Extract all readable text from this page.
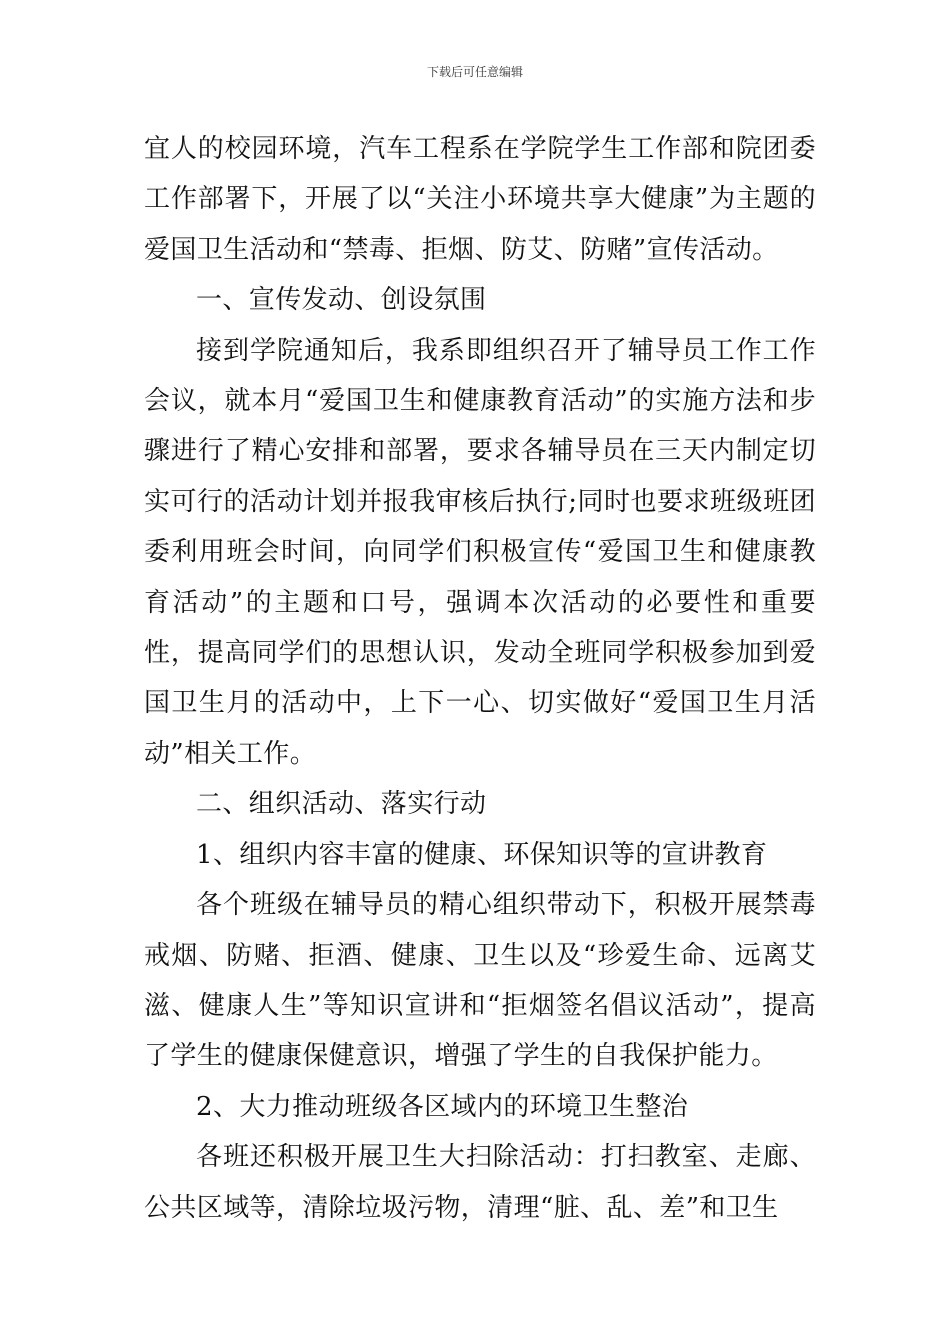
下载后可任意编辑

宜人的校园环境，汽车工程系在学院学生工作部和院团委工作部署下，开展了以“关注小环境共享大健康”为主题的爱国卫生活动和“禁毒、拒烟、防艾、防赌”宣传活动。

一、宣传发动、创设氛围

接到学院通知后，我系即组织召开了辅导员工作工作会议，就本月“爱国卫生和健康教育活动”的实施方法和步骤进行了精心安排和部署，要求各辅导员在三天内制定切实可行的活动计划并报我审核后执行;同时也要求班级班团委利用班会时间，向同学们积极宣传“爱国卫生和健康教育活动”的主题和口号，强调本次活动的必要性和重要性，提高同学们的思想认识，发动全班同学积极参加到爱国卫生月的活动中，上下一心、切实做好“爱国卫生月活动”相关工作。

二、组织活动、落实行动

1、组织内容丰富的健康、环保知识等的宣讲教育

各个班级在辅导员的精心组织带动下，积极开展禁毒戒烟、防赌、拒酒、健康、卫生以及“珍爱生命、远离艾滋、健康人生”等知识宣讲和“拒烟签名倡议活动”，提高了学生的健康保健意识，增强了学生的自我保护能力。

2、大力推动班级各区域内的环境卫生整治

各班还积极开展卫生大扫除活动：打扫教室、走廊、公共区域等，清除垃圾污物，清理“脏、乱、差”和卫生
